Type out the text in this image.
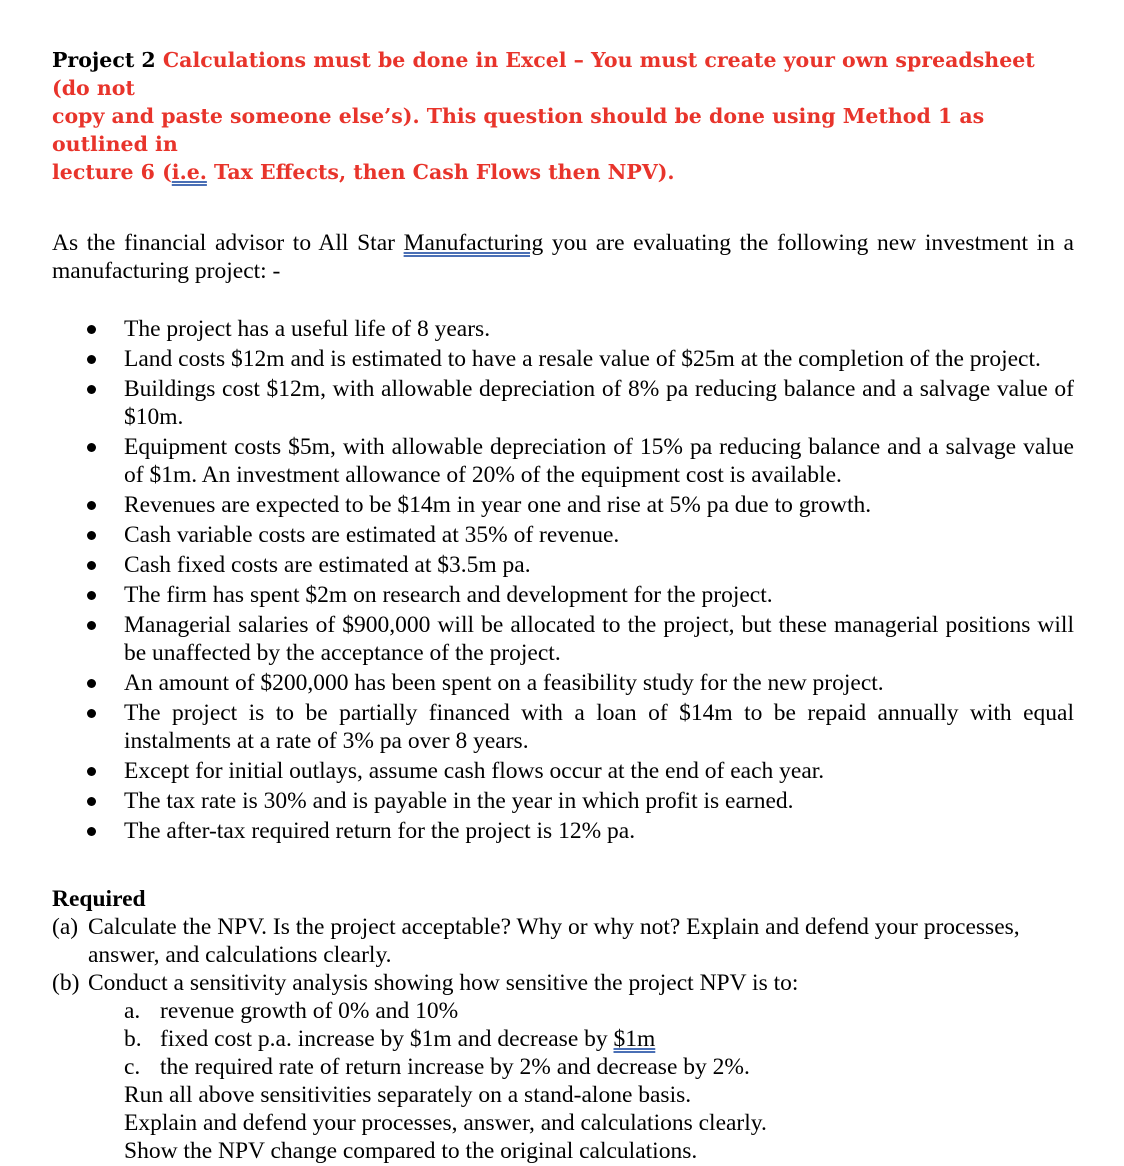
Project 2 Calculations must be done in Excel – You must create your own spreadsheet (do not
copy and paste someone else’s). This question should be done using Method 1 as outlined in
lecture 6 (i.e. Tax Effects, then Cash Flows then NPV).

As the financial advisor to All Star Manufacturing you are evaluating the following new investment in a manufacturing project: -
The project has a useful life of 8 years.
Land costs $12m and is estimated to have a resale value of $25m at the completion of the project.
Buildings cost $12m, with allowable depreciation of 8% pa reducing balance and a salvage value of $10m.
Equipment costs $5m, with allowable depreciation of 15% pa reducing balance and a salvage value of $1m. An investment allowance of 20% of the equipment cost is available.
Revenues are expected to be $14m in year one and rise at 5% pa due to growth.
Cash variable costs are estimated at 35% of revenue.
Cash fixed costs are estimated at $3.5m pa.
The firm has spent $2m on research and development for the project.
Managerial salaries of $900,000 will be allocated to the project, but these managerial positions will be unaffected by the acceptance of the project.
An amount of $200,000 has been spent on a feasibility study for the new project.
The project is to be partially financed with a loan of $14m to be repaid annually with equal instalments at a rate of 3% pa over 8 years.
Except for initial outlays, assume cash flows occur at the end of each year.
The tax rate is 30% and is payable in the year in which profit is earned.
The after-tax required return for the project is 12% pa.
Required
(a) Calculate the NPV. Is the project acceptable? Why or why not? Explain and defend your processes, answer, and calculations clearly.
(b) Conduct a sensitivity analysis showing how sensitive the project NPV is to:
a. revenue growth of 0% and 10%
b. fixed cost p.a. increase by $1m and decrease by $1m
c. the required rate of return increase by 2% and decrease by 2%.
Run all above sensitivities separately on a stand-alone basis.
Explain and defend your processes, answer, and calculations clearly.
Show the NPV change compared to the original calculations.
